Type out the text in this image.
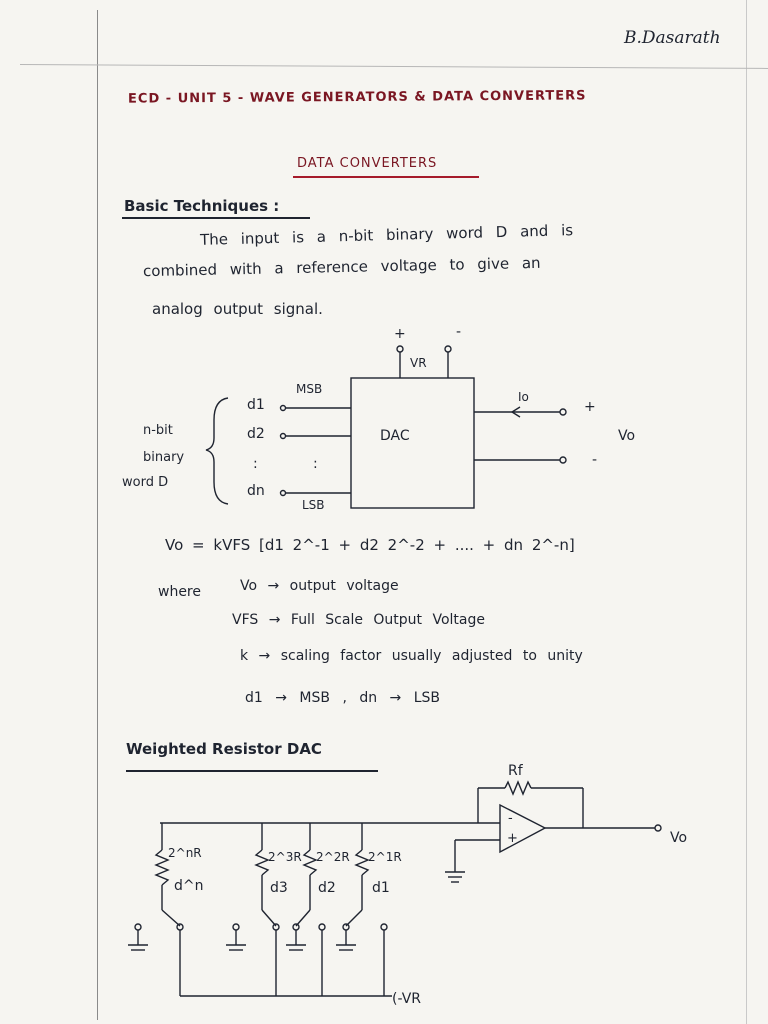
B.Dasarath
ECD - UNIT 5 - WAVE GENERATORS & DATA CONVERTERS
DATA CONVERTERS
Basic Techniques :
The input is a n-bit binary word D and is
combined with a reference voltage to give an
analog output signal.
+	-
VR
MSB
DAC
d1
d2
:	:
dn
LSB
Io
+
-
Vo
n-bit
binary
word D
Vo = kVFS [d1 2^-1 + d2 2^-2 + .... + dn 2^-n]
where	Vo → output voltage
VFS → Full Scale Output Voltage
k → scaling factor usually adjusted to unity
d1 → MSB , dn → LSB
Weighted Resistor DAC
Rf
-
+	Vo
2^nR	2^3R 2^2R 2^1R
d^n	d3 d2	d1
(-VR
